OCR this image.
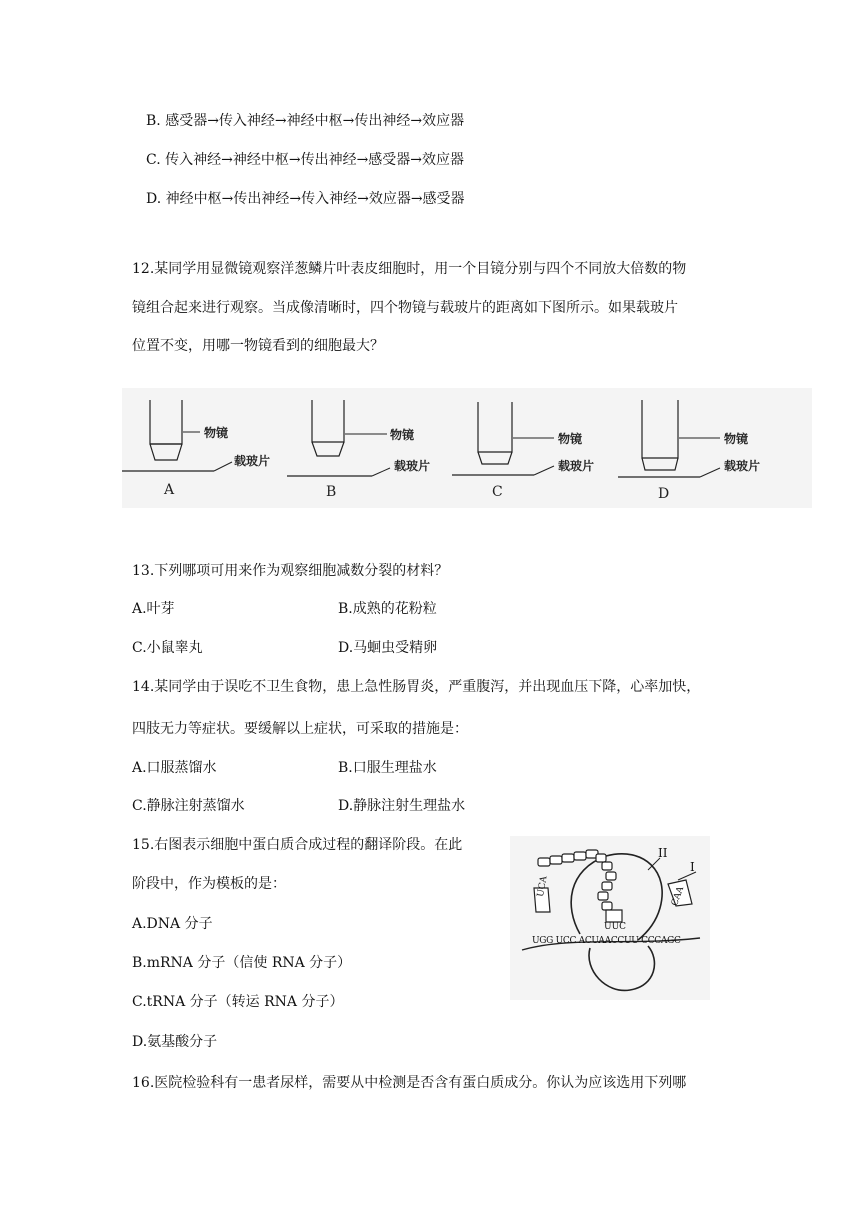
B. 感受器→传入神经→神经中枢→传出神经→效应器
C. 传入神经→神经中枢→传出神经→感受器→效应器
D. 神经中枢→传出神经→传入神经→效应器→感受器
12.某同学用显微镜观察洋葱鳞片叶表皮细胞时，用一个目镜分别与四个不同放大倍数的物
镜组合起来进行观察。当成像清晰时，四个物镜与载玻片的距离如下图所示。如果载玻片
位置不变，用哪一物镜看到的细胞最大？
物镜
载玻片
A
物镜
载玻片
B
物镜
载玻片
C
物镜
载玻片
D
13.下列哪项可用来作为观察细胞减数分裂的材料？
A.叶芽	B.成熟的花粉粒
C.小鼠睾丸	D.马蛔虫受精卵
14.某同学由于误吃不卫生食物，患上急性肠胃炎，严重腹泻，并出现血压下降，心率加快，
四肢无力等症状。要缓解以上症状，可采取的措施是：
A.口服蒸馏水	B.口服生理盐水
C.静脉注射蒸馏水	D.静脉注射生理盐水
15.右图表示细胞中蛋白质合成过程的翻译阶段。在此
阶段中，作为模板的是：
A.DNA 分子
B.mRNA 分子（信使 RNA 分子）
C.tRNA 分子（转运 RNA 分子）
D.氨基酸分子
I
II
UCA
UUC
CAA
UGG UCC ACUAACCUU CCCAGC
16.医院检验科有一患者尿样，需要从中检测是否含有蛋白质成分。你认为应该选用下列哪
